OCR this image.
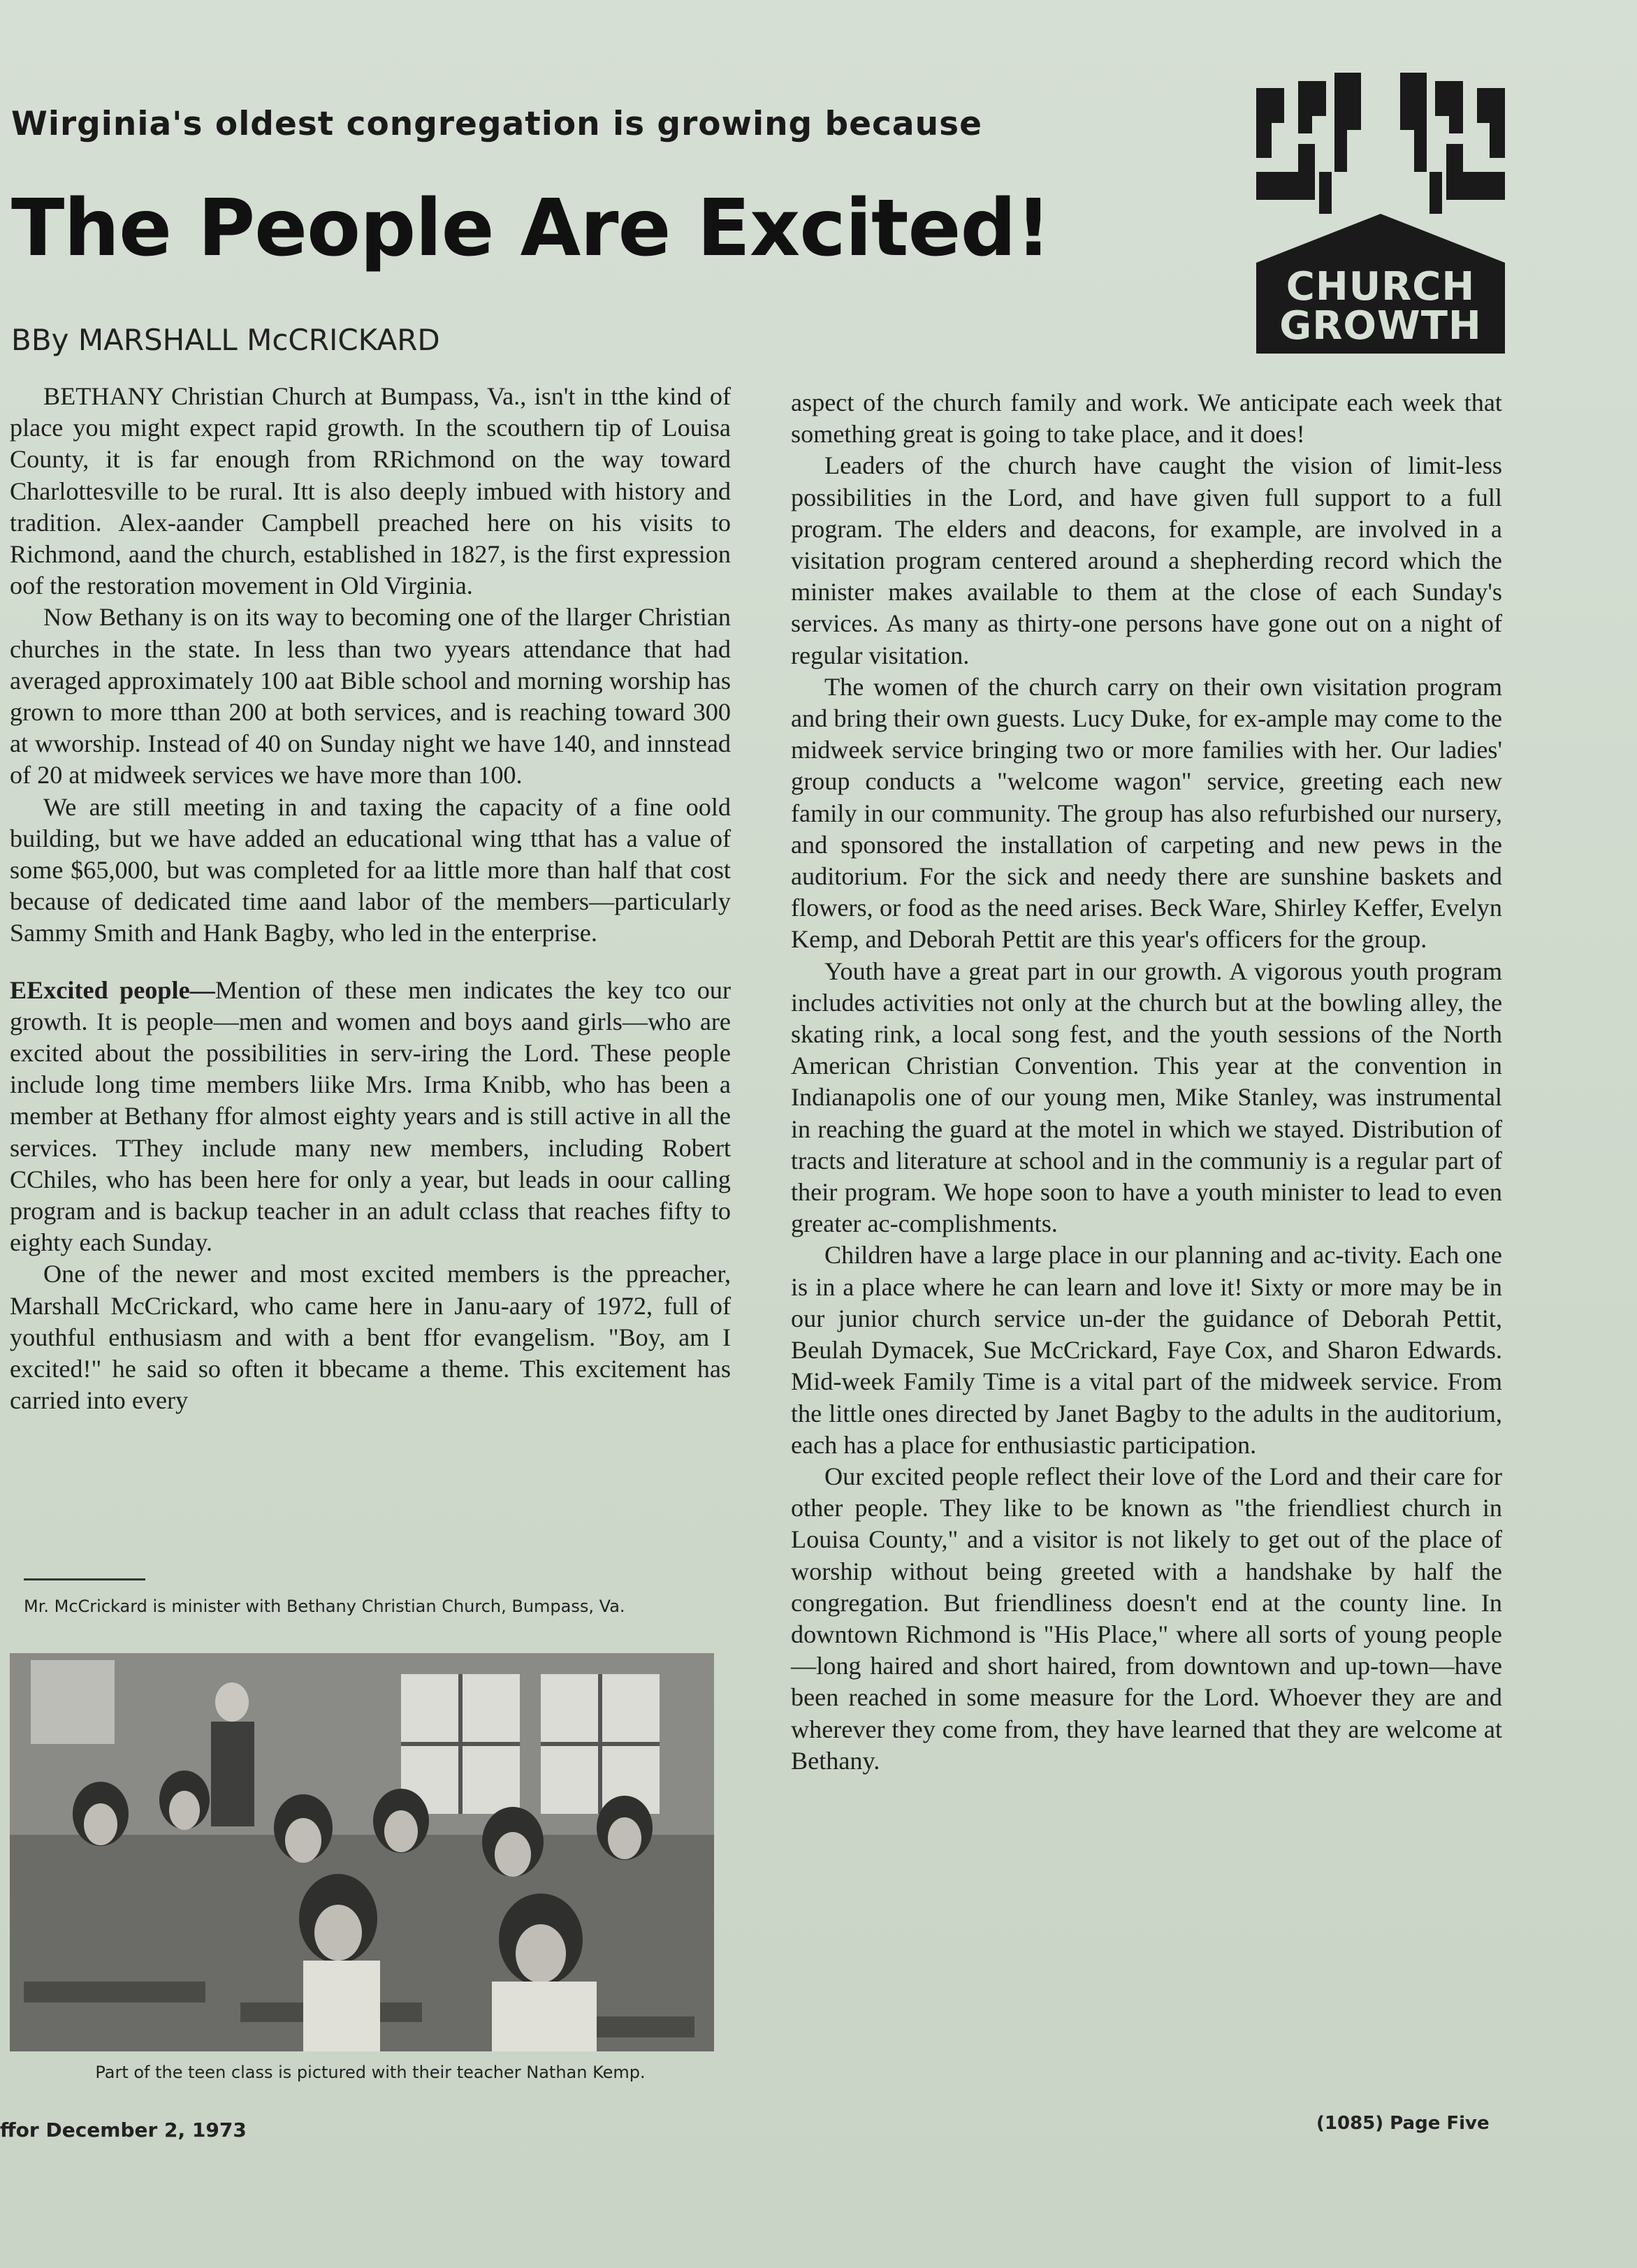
Wirginia's oldest congregation is growing because
The People Are Excited!
BBy MARSHALL McCRICKARD
CHURCH
GROWTH

BETHANY Christian Church at Bumpass, Va., isn't in tthe kind of place you might expect rapid growth. In the scouthern tip of Louisa County, it is far enough from RRichmond on the way toward Charlottesville to be rural. Itt is also deeply imbued with history and tradition. Alex-aander Campbell preached here on his visits to Richmond, aand the church, established in 1827, is the first expression oof the restoration movement in Old Virginia.

Now Bethany is on its way to becoming one of the llarger Christian churches in the state. In less than two yyears attendance that had averaged approximately 100 aat Bible school and morning worship has grown to more tthan 200 at both services, and is reaching toward 300 at wworship. Instead of 40 on Sunday night we have 140, and innstead of 20 at midweek services we have more than 100.

We are still meeting in and taxing the capacity of a fine oold building, but we have added an educational wing tthat has a value of some $65,000, but was completed for aa little more than half that cost because of dedicated time aand labor of the members—particularly Sammy Smith and Hank Bagby, who led in the enterprise.

EExcited people—Mention of these men indicates the key tco our growth. It is people—men and women and boys aand girls—who are excited about the possibilities in serv-iring the Lord. These people include long time members liike Mrs. Irma Knibb, who has been a member at Bethany ffor almost eighty years and is still active in all the services. TThey include many new members, including Robert CChiles, who has been here for only a year, but leads in oour calling program and is backup teacher in an adult cclass that reaches fifty to eighty each Sunday.

One of the newer and most excited members is the ppreacher, Marshall McCrickard, who came here in Janu-aary of 1972, full of youthful enthusiasm and with a bent ffor evangelism. "Boy, am I excited!" he said so often it bbecame a theme. This excitement has carried into every

Mr. McCrickard is minister with Bethany Christian Church, Bumpass, Va.
Part of the teen class is pictured with their teacher Nathan Kemp.

aspect of the church family and work. We anticipate each week that something great is going to take place, and it does!

Leaders of the church have caught the vision of limit-less possibilities in the Lord, and have given full support to a full program. The elders and deacons, for example, are involved in a visitation program centered around a shepherding record which the minister makes available to them at the close of each Sunday's services. As many as thirty-one persons have gone out on a night of regular visitation.

The women of the church carry on their own visitation program and bring their own guests. Lucy Duke, for ex-ample may come to the midweek service bringing two or more families with her. Our ladies' group conducts a "welcome wagon" service, greeting each new family in our community. The group has also refurbished our nursery, and sponsored the installation of carpeting and new pews in the auditorium. For the sick and needy there are sunshine baskets and flowers, or food as the need arises. Beck Ware, Shirley Keffer, Evelyn Kemp, and Deborah Pettit are this year's officers for the group.

Youth have a great part in our growth. A vigorous youth program includes activities not only at the church but at the bowling alley, the skating rink, a local song fest, and the youth sessions of the North American Christian Convention. This year at the convention in Indianapolis one of our young men, Mike Stanley, was instrumental in reaching the guard at the motel in which we stayed. Distribution of tracts and literature at school and in the communiy is a regular part of their program. We hope soon to have a youth minister to lead to even greater ac-complishments.

Children have a large place in our planning and ac-tivity. Each one is in a place where he can learn and love it! Sixty or more may be in our junior church service un-der the guidance of Deborah Pettit, Beulah Dymacek, Sue McCrickard, Faye Cox, and Sharon Edwards. Mid-week Family Time is a vital part of the midweek service. From the little ones directed by Janet Bagby to the adults in the auditorium, each has a place for enthusiastic participation.

Our excited people reflect their love of the Lord and their care for other people. They like to be known as "the friendliest church in Louisa County," and a visitor is not likely to get out of the place of worship without being greeted with a handshake by half the congregation. But friendliness doesn't end at the county line. In downtown Richmond is "His Place," where all sorts of young people —long haired and short haired, from downtown and up-town—have been reached in some measure for the Lord. Whoever they are and wherever they come from, they have learned that they are welcome at Bethany.

ffor December 2, 1973	(1085) Page Five
